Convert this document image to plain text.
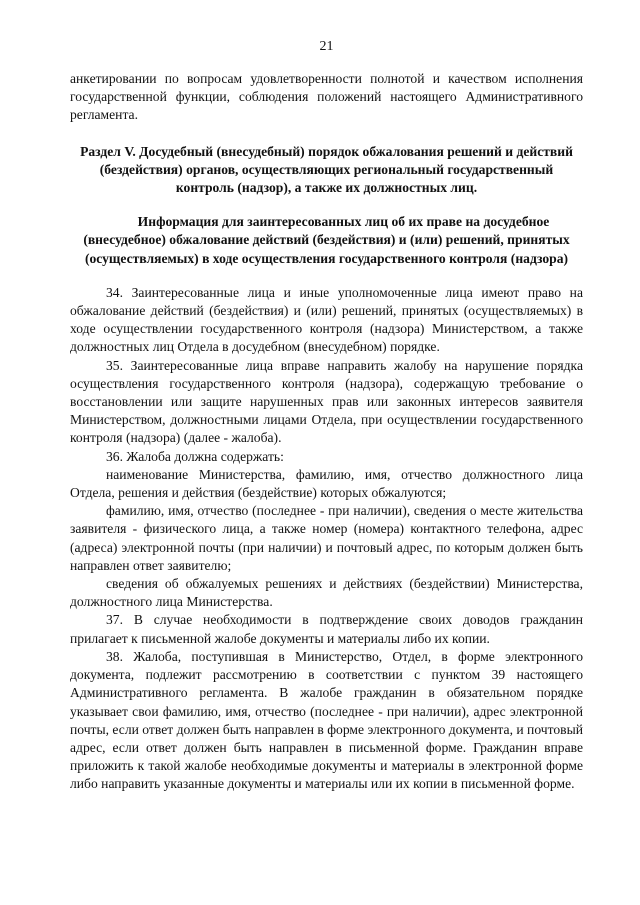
21

анкетировании по вопросам удовлетворенности полнотой и качеством исполнения государственной функции, соблюдения положений настоящего Административного регламента.

Раздел V. Досудебный (внесудебный) порядок обжалования решений и действий (бездействия) органов, осуществляющих региональный государственный контроль (надзор), а также их должностных лиц.
Информация для заинтересованных лиц об их праве на досудебное (внесудебное) обжалование действий (бездействия) и (или) решений, принятых (осуществляемых) в ходе осуществления государственного контроля (надзора)

34. Заинтересованные лица и иные уполномоченные лица имеют право на обжалование действий (бездействия) и (или) решений, принятых (осуществляемых) в ходе осуществлении государственного контроля (надзора) Министерством, а также должностных лиц Отдела в досудебном (внесудебном) порядке.

35. Заинтересованные лица вправе направить жалобу на нарушение порядка осуществления государственного контроля (надзора), содержащую требование о восстановлении или защите нарушенных прав или законных интересов заявителя Министерством, должностными лицами Отдела, при осуществлении государственного контроля (надзора) (далее - жалоба).

36. Жалоба должна содержать:

наименование Министерства, фамилию, имя, отчество должностного лица Отдела, решения и действия (бездействие) которых обжалуются;

фамилию, имя, отчество (последнее - при наличии), сведения о месте жительства заявителя - физического лица, а также номер (номера) контактного телефона, адрес (адреса) электронной почты (при наличии) и почтовый адрес, по которым должен быть направлен ответ заявителю;

сведения об обжалуемых решениях и действиях (бездействии) Министерства, должностного лица Министерства.

37. В случае необходимости в подтверждение своих доводов гражданин прилагает к письменной жалобе документы и материалы либо их копии.

38. Жалоба, поступившая в Министерство, Отдел, в форме электронного документа, подлежит рассмотрению в соответствии с пунктом 39 настоящего Административного регламента. В жалобе гражданин в обязательном порядке указывает свои фамилию, имя, отчество (последнее - при наличии), адрес электронной почты, если ответ должен быть направлен в форме электронного документа, и почтовый адрес, если ответ должен быть направлен в письменной форме. Гражданин вправе приложить к такой жалобе необходимые документы и материалы в электронной форме либо направить указанные документы и материалы или их копии в письменной форме.
